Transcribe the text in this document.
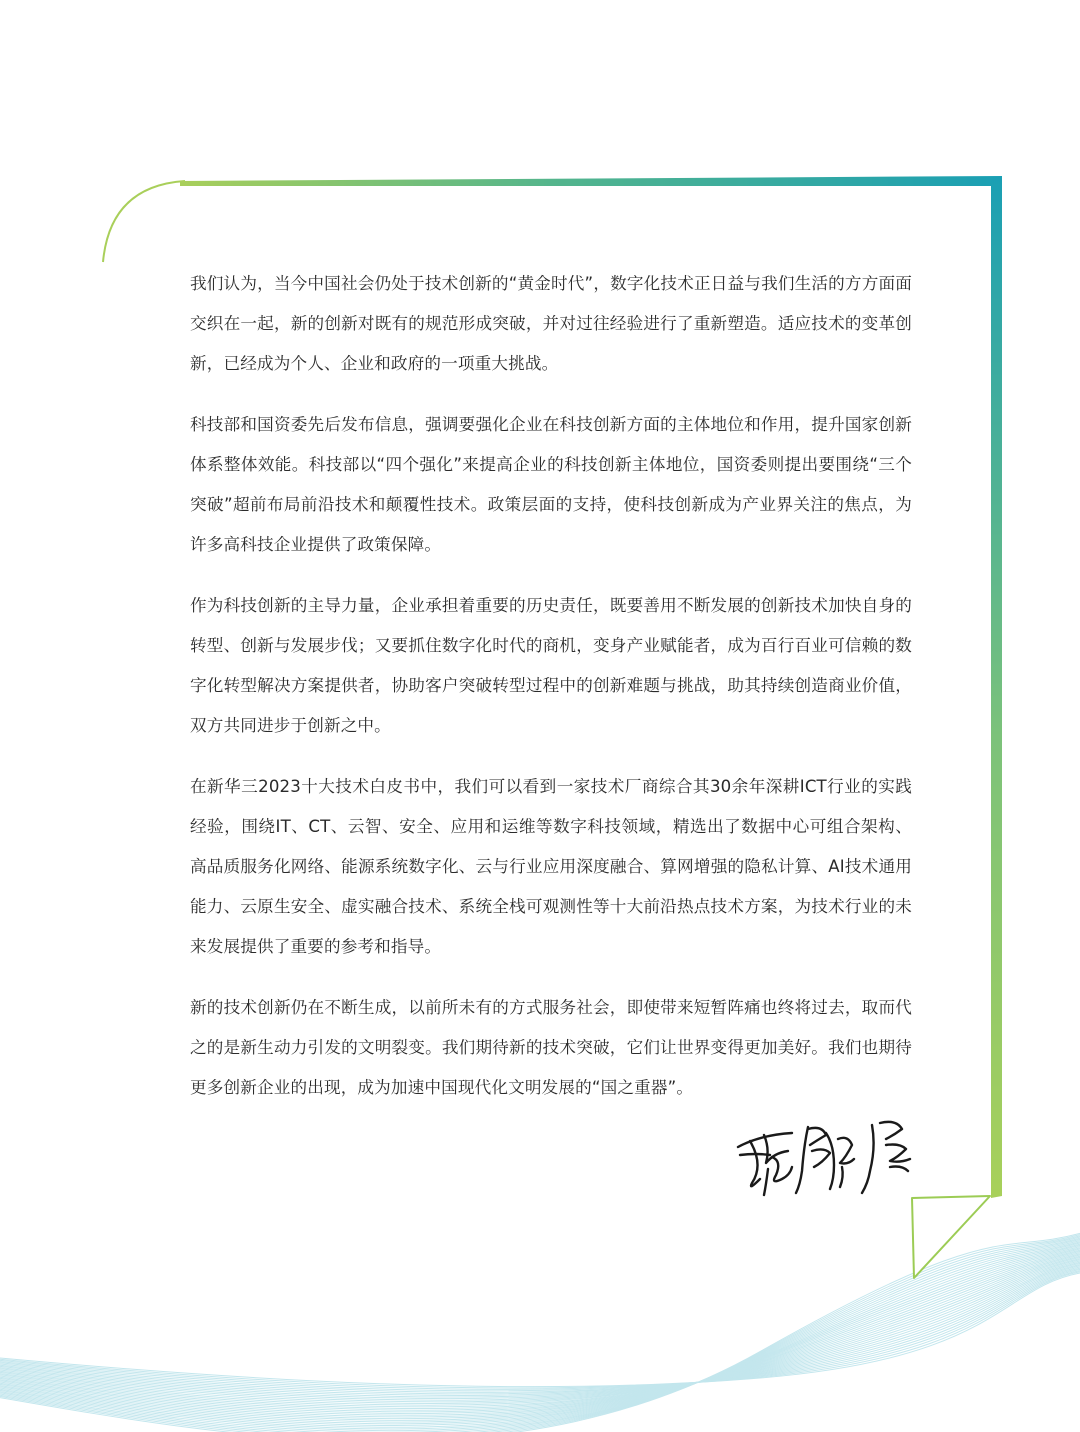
我们认为，当今中国社会仍处于技术创新的“黄金时代”，数字化技术正日益与我们生活的方方面面交织在一起，新的创新对既有的规范形成突破，并对过往经验进行了重新塑造。适应技术的变革创新，已经成为个人、企业和政府的一项重大挑战。

科技部和国资委先后发布信息，强调要强化企业在科技创新方面的主体地位和作用，提升国家创新体系整体效能。科技部以“四个强化”来提高企业的科技创新主体地位，国资委则提出要围绕“三个突破”超前布局前沿技术和颠覆性技术。政策层面的支持，使科技创新成为产业界关注的焦点，为许多高科技企业提供了政策保障。

作为科技创新的主导力量，企业承担着重要的历史责任，既要善用不断发展的创新技术加快自身的转型、创新与发展步伐；又要抓住数字化时代的商机，变身产业赋能者，成为百行百业可信赖的数字化转型解决方案提供者，协助客户突破转型过程中的创新难题与挑战，助其持续创造商业价值，双方共同进步于创新之中。

在新华三2023十大技术白皮书中，我们可以看到一家技术厂商综合其30余年深耕ICT行业的实践经验，围绕IT、CT、云智、安全、应用和运维等数字科技领域，精选出了数据中心可组合架构、高品质服务化网络、能源系统数字化、云与行业应用深度融合、算网增强的隐私计算、AI技术通用能力、云原生安全、虚实融合技术、系统全栈可观测性等十大前沿热点技术方案，为技术行业的未来发展提供了重要的参考和指导。

新的技术创新仍在不断生成，以前所未有的方式服务社会，即使带来短暂阵痛也终将过去，取而代之的是新生动力引发的文明裂变。我们期待新的技术突破，它们让世界变得更加美好。我们也期待更多创新企业的出现，成为加速中国现代化文明发展的“国之重器”。
